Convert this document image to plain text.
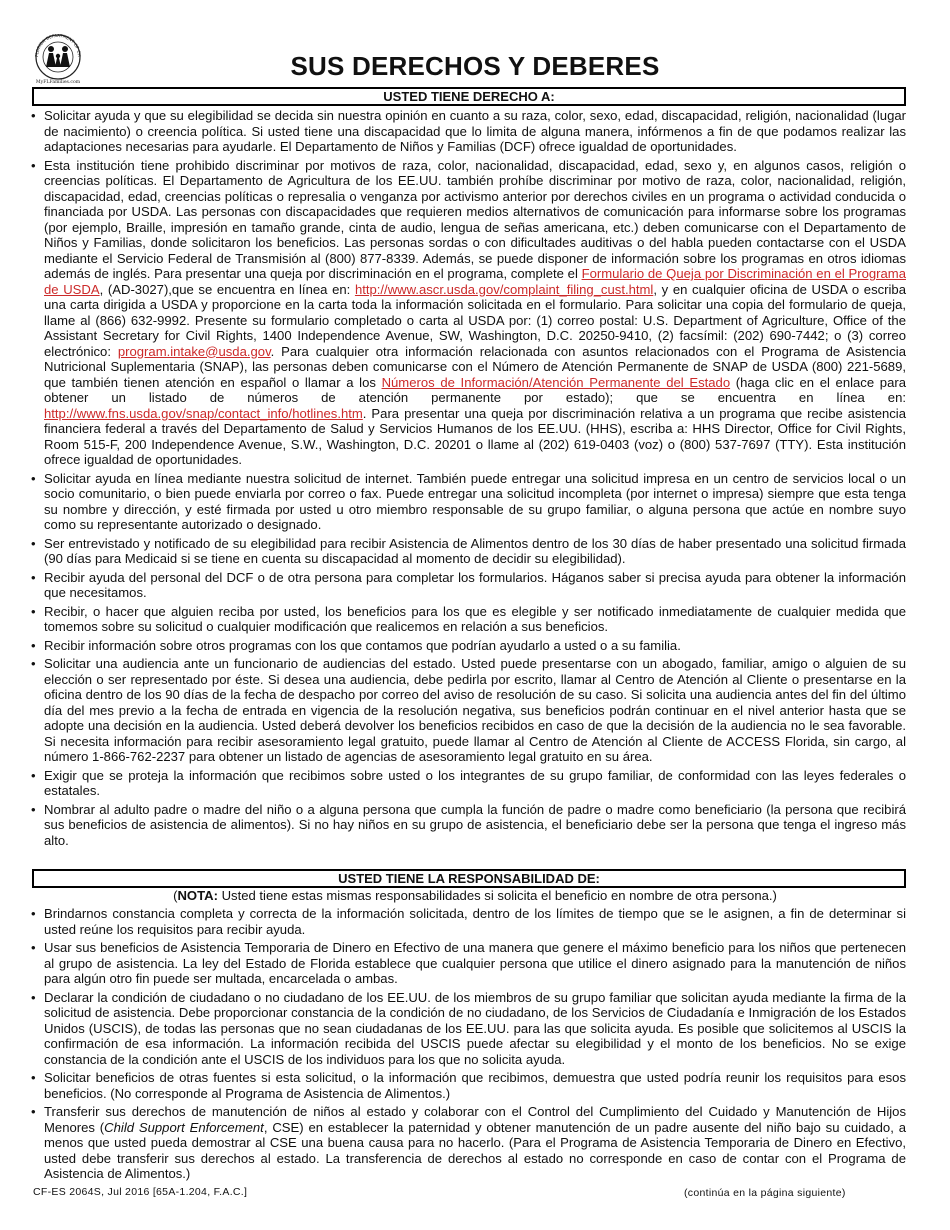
FLORIDA DEPARTMENT OF CH
MyFLFamilies.com
SUS DERECHOS Y DEBERES
USTED TIENE DERECHO A:
• Solicitar ayuda y que su elegibilidad se decida sin nuestra opinión en cuanto a su raza, color, sexo, edad, discapacidad, religión, nacionalidad (lugar de nacimiento) o creencia política. Si usted tiene una discapacidad que lo limita de alguna manera, infórmenos a fin de que podamos realizar las adaptaciones necesarias para ayudarle. El Departamento de Niños y Familias (DCF) ofrece igualdad de oportunidades.
• Esta institución tiene prohibido discriminar por motivos de raza, color, nacionalidad, discapacidad, edad, sexo y, en algunos casos, religión o creencias políticas. El Departamento de Agricultura de los EE.UU. también prohíbe discriminar por motivo de raza, color, nacionalidad, religión, discapacidad, edad, creencias políticas o represalia o venganza por activismo anterior por derechos civiles en un programa o actividad conducida o financiada por USDA. Las personas con discapacidades que requieren medios alternativos de comunicación para informarse sobre los programas (por ejemplo, Braille, impresión en tamaño grande, cinta de audio, lengua de señas americana, etc.) deben comunicarse con el Departamento de Niños y Familias, donde solicitaron los beneficios. Las personas sordas o con dificultades auditivas o del habla pueden contactarse con el USDA mediante el Servicio Federal de Transmisión al (800) 877-8339. Además, se puede disponer de información sobre los programas en otros idiomas además de inglés. Para presentar una queja por discriminación en el programa, complete el Formulario de Queja por Discriminación en el Programa de USDA, (AD-3027),que se encuentra en línea en: http://www.ascr.usda.gov/complaint_filing_cust.html, y en cualquier oficina de USDA o escriba una carta dirigida a USDA y proporcione en la carta toda la información solicitada en el formulario. Para solicitar una copia del formulario de queja, llame al (866) 632-9992. Presente su formulario completado o carta al USDA por: (1) correo postal: U.S. Department of Agriculture, Office of the Assistant Secretary for Civil Rights, 1400 Independence Avenue, SW, Washington, D.C. 20250-9410, (2) facsímil: (202) 690-7442; o (3) correo electrónico: program.intake@usda.gov. Para cualquier otra información relacionada con asuntos relacionados con el Programa de Asistencia Nutricional Suplementaria (SNAP), las personas deben comunicarse con el Número de Atención Permanente de SNAP de USDA (800) 221-5689, que también tienen atención en español o llamar a los Números de Información/Atención Permanente del Estado (haga clic en el enlace para obtener un listado de números de atención permanente por estado); que se encuentra en línea en: http://www.fns.usda.gov/snap/contact_info/hotlines.htm. Para presentar una queja por discriminación relativa a un programa que recibe asistencia financiera federal a través del Departamento de Salud y Servicios Humanos de los EE.UU. (HHS), escriba a: HHS Director, Office for Civil Rights, Room 515-F, 200 Independence Avenue, S.W., Washington, D.C. 20201 o llame al (202) 619-0403 (voz) o (800) 537-7697 (TTY). Esta institución ofrece igualdad de oportunidades.
• Solicitar ayuda en línea mediante nuestra solicitud de internet. También puede entregar una solicitud impresa en un centro de servicios local o un socio comunitario, o bien puede enviarla por correo o fax. Puede entregar una solicitud incompleta (por internet o impresa) siempre que esta tenga su nombre y dirección, y esté firmada por usted u otro miembro responsable de su grupo familiar, o alguna persona que actúe en nombre suyo como su representante autorizado o designado.
• Ser entrevistado y notificado de su elegibilidad para recibir Asistencia de Alimentos dentro de los 30 días de haber presentado una solicitud firmada (90 días para Medicaid si se tiene en cuenta su discapacidad al momento de decidir su elegibilidad).
• Recibir ayuda del personal del DCF o de otra persona para completar los formularios. Háganos saber si precisa ayuda para obtener la información que necesitamos.
• Recibir, o hacer que alguien reciba por usted, los beneficios para los que es elegible y ser notificado inmediatamente de cualquier medida que tomemos sobre su solicitud o cualquier modificación que realicemos en relación a sus beneficios.
• Recibir información sobre otros programas con los que contamos que podrían ayudarlo a usted o a su familia.
• Solicitar una audiencia ante un funcionario de audiencias del estado. Usted puede presentarse con un abogado, familiar, amigo o alguien de su elección o ser representado por éste. Si desea una audiencia, debe pedirla por escrito, llamar al Centro de Atención al Cliente o presentarse en la oficina dentro de los 90 días de la fecha de despacho por correo del aviso de resolución de su caso. Si solicita una audiencia antes del fin del último día del mes previo a la fecha de entrada en vigencia de la resolución negativa, sus beneficios podrán continuar en el nivel anterior hasta que se adopte una decisión en la audiencia. Usted deberá devolver los beneficios recibidos en caso de que la decisión de la audiencia no le sea favorable. Si necesita información para recibir asesoramiento legal gratuito, puede llamar al Centro de Atención al Cliente de ACCESS Florida, sin cargo, al número 1-866-762-2237 para obtener un listado de agencias de asesoramiento legal gratuito en su área.
• Exigir que se proteja la información que recibimos sobre usted o los integrantes de su grupo familiar, de conformidad con las leyes federales o estatales.
• Nombrar al adulto padre o madre del niño o a alguna persona que cumpla la función de padre o madre como beneficiario (la persona que recibirá sus beneficios de asistencia de alimentos). Si no hay niños en su grupo de asistencia, el beneficiario debe ser la persona que tenga el ingreso más alto.
USTED TIENE LA RESPONSABILIDAD DE:
(NOTA: Usted tiene estas mismas responsabilidades si solicita el beneficio en nombre de otra persona.)
• Brindarnos constancia completa y correcta de la información solicitada, dentro de los límites de tiempo que se le asignen, a fin de determinar si usted reúne los requisitos para recibir ayuda.
• Usar sus beneficios de Asistencia Temporaria de Dinero en Efectivo de una manera que genere el máximo beneficio para los niños que pertenecen al grupo de asistencia. La ley del Estado de Florida establece que cualquier persona que utilice el dinero asignado para la manutención de niños para algún otro fin puede ser multada, encarcelada o ambas.
• Declarar la condición de ciudadano o no ciudadano de los EE.UU. de los miembros de su grupo familiar que solicitan ayuda mediante la firma de la solicitud de asistencia. Debe proporcionar constancia de la condición de no ciudadano, de los Servicios de Ciudadanía e Inmigración de los Estados Unidos (USCIS), de todas las personas que no sean ciudadanas de los EE.UU. para las que solicita ayuda. Es posible que solicitemos al USCIS la confirmación de esa información. La información recibida del USCIS puede afectar su elegibilidad y el monto de los beneficios. No se exige constancia de la condición ante el USCIS de los individuos para los que no solicita ayuda.
• Solicitar beneficios de otras fuentes si esta solicitud, o la información que recibimos, demuestra que usted podría reunir los requisitos para esos beneficios. (No corresponde al Programa de Asistencia de Alimentos.)
• Transferir sus derechos de manutención de niños al estado y colaborar con el Control del Cumplimiento del Cuidado y Manutención de Hijos Menores (Child Support Enforcement, CSE) en establecer la paternidad y obtener manutención de un padre ausente del niño bajo su cuidado, a menos que usted pueda demostrar al CSE una buena causa para no hacerlo. (Para el Programa de Asistencia Temporaria de Dinero en Efectivo, usted debe transferir sus derechos al estado. La transferencia de derechos al estado no corresponde en caso de contar con el Programa de Asistencia de Alimentos.)
CF-ES 2064S, Jul 2016 [65A-1.204, F.A.C.]	(continúa en la página siguiente)
